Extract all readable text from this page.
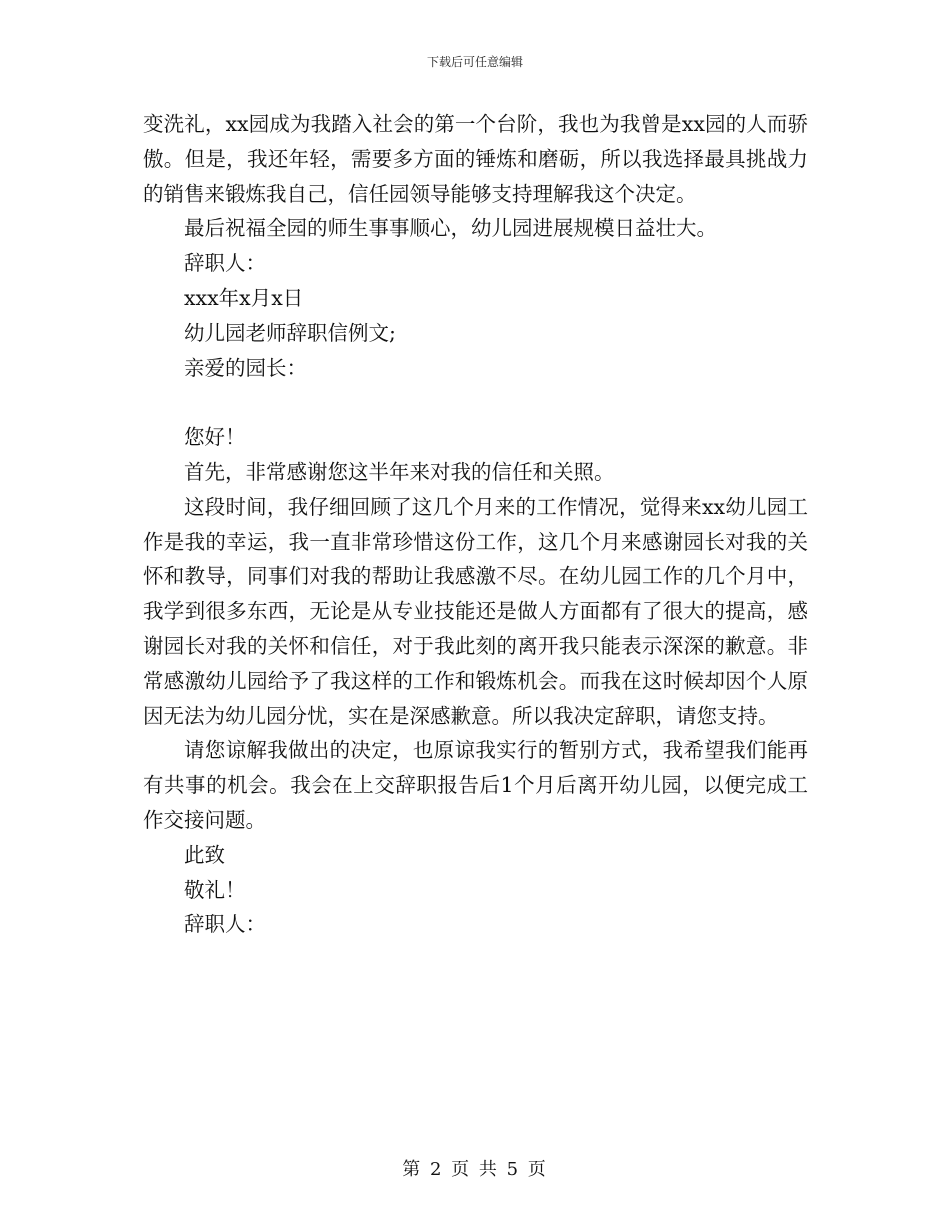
下载后可任意编辑

变洗礼，xx园成为我踏入社会的第一个台阶，我也为我曾是xx园的人而骄傲。但是，我还年轻，需要多方面的锤炼和磨砺，所以我选择最具挑战力的销售来锻炼我自己，信任园领导能够支持理解我这个决定。

最后祝福全园的师生事事顺心，幼儿园进展规模日益壮大。

辞职人：

xxx年x月x日

幼儿园老师辞职信例文;

亲爱的园长：

您好！

首先，非常感谢您这半年来对我的信任和关照。

这段时间，我仔细回顾了这几个月来的工作情况，觉得来xx幼儿园工作是我的幸运，我一直非常珍惜这份工作，这几个月来感谢园长对我的关怀和教导，同事们对我的帮助让我感激不尽。在幼儿园工作的几个月中，我学到很多东西，无论是从专业技能还是做人方面都有了很大的提高，感谢园长对我的关怀和信任，对于我此刻的离开我只能表示深深的歉意。非常感激幼儿园给予了我这样的工作和锻炼机会。而我在这时候却因个人原因无法为幼儿园分忧，实在是深感歉意。所以我决定辞职，请您支持。

请您谅解我做出的决定，也原谅我实行的暂别方式，我希望我们能再有共事的机会。我会在上交辞职报告后1个月后离开幼儿园，以便完成工作交接问题。

此致

敬礼！

辞职人：

第 2 页 共 5 页
